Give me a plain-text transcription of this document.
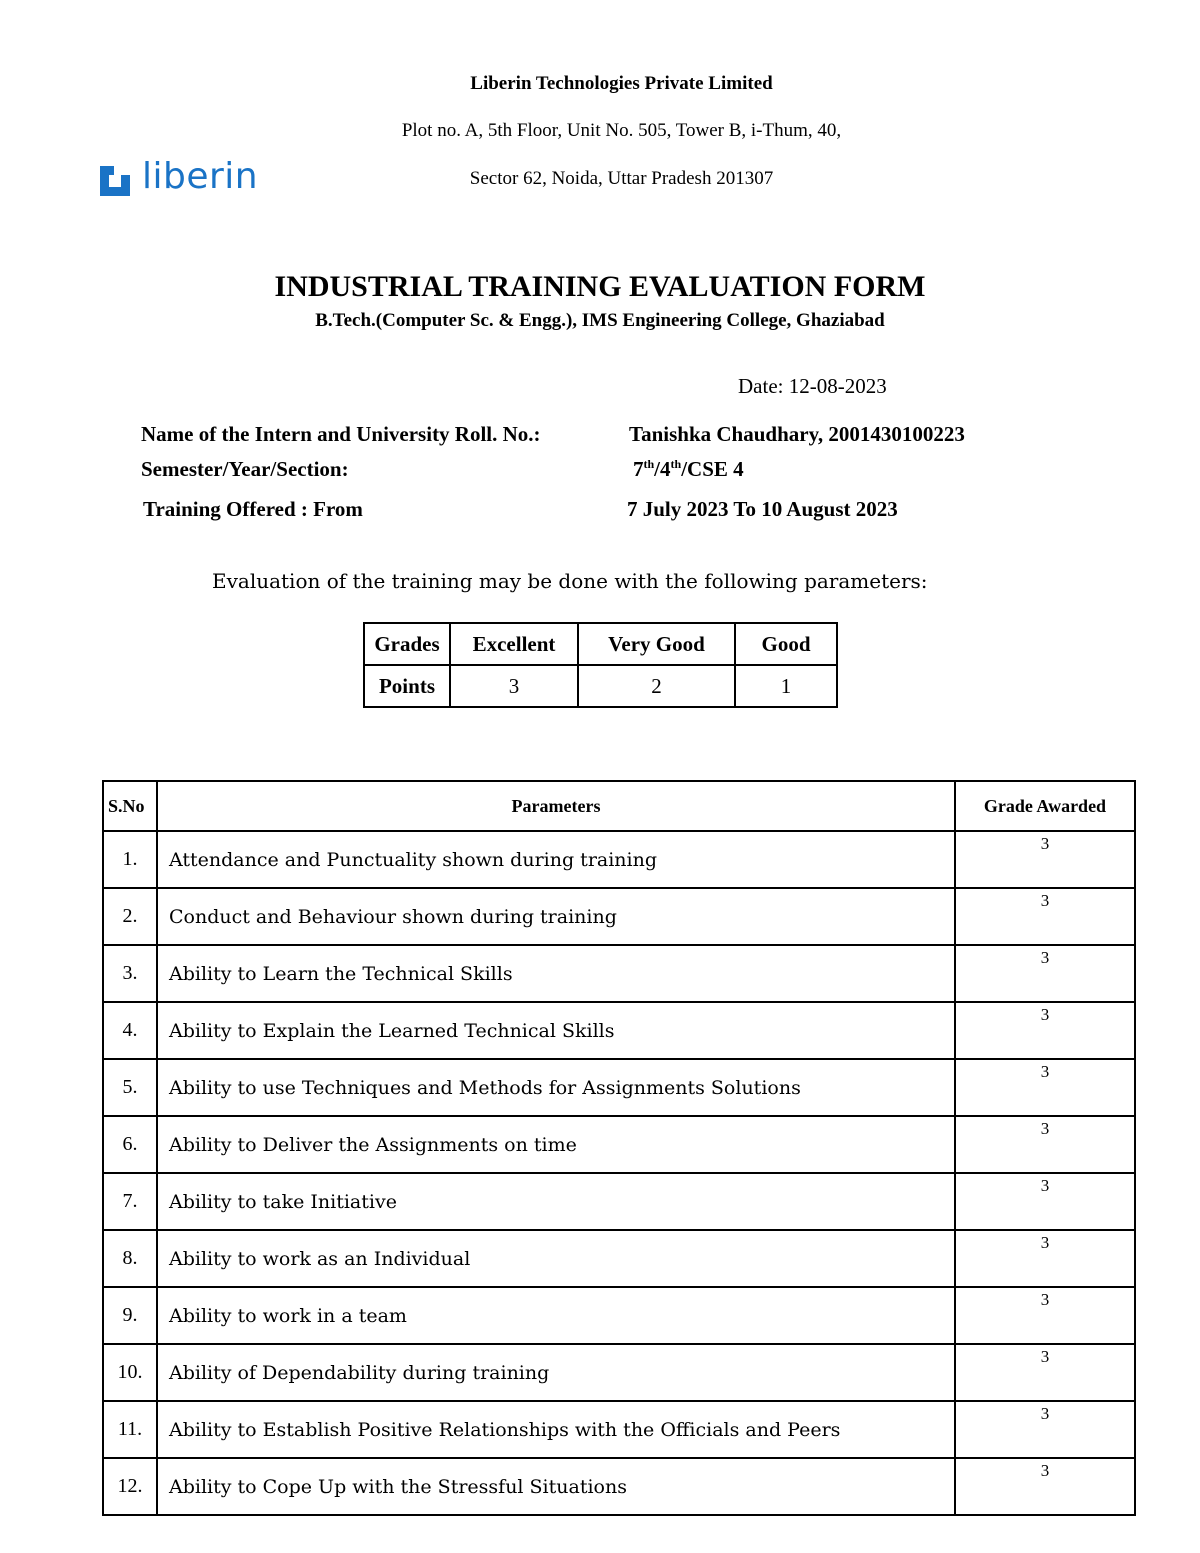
Liberin Technologies Private Limited
Plot no. A, 5th Floor, Unit No. 505, Tower B, i-Thum, 40,
Sector 62, Noida, Uttar Pradesh 201307
liberin
INDUSTRIAL TRAINING EVALUATION FORM
B.Tech.(Computer Sc. & Engg.), IMS Engineering College, Ghaziabad
Date: 12-08-2023
Name of the Intern and University Roll. No.:	Tanishka Chaudhary, 2001430100223
Semester/Year/Section:	7th/4th/CSE 4
Training Offered : From	7 July 2023 To 10 August 2023
Evaluation of the training may be done with the following parameters:
Grades	Excellent	Very Good	Good
Points	3	2	1
S.No	Parameters	Grade Awarded
1.	Attendance and Punctuality shown during training	3
2.	Conduct and Behaviour shown during training	3
3.	Ability to Learn the Technical Skills	3
4.	Ability to Explain the Learned Technical Skills	3
5.	Ability to use Techniques and Methods for Assignments Solutions	3
6.	Ability to Deliver the Assignments on time	3
7.	Ability to take Initiative	3
8.	Ability to work as an Individual	3
9.	Ability to work in a team	3
10.	Ability of Dependability during training	3
11.	Ability to Establish Positive Relationships with the Officials and Peers	3
12.	Ability to Cope Up with the Stressful Situations	3
